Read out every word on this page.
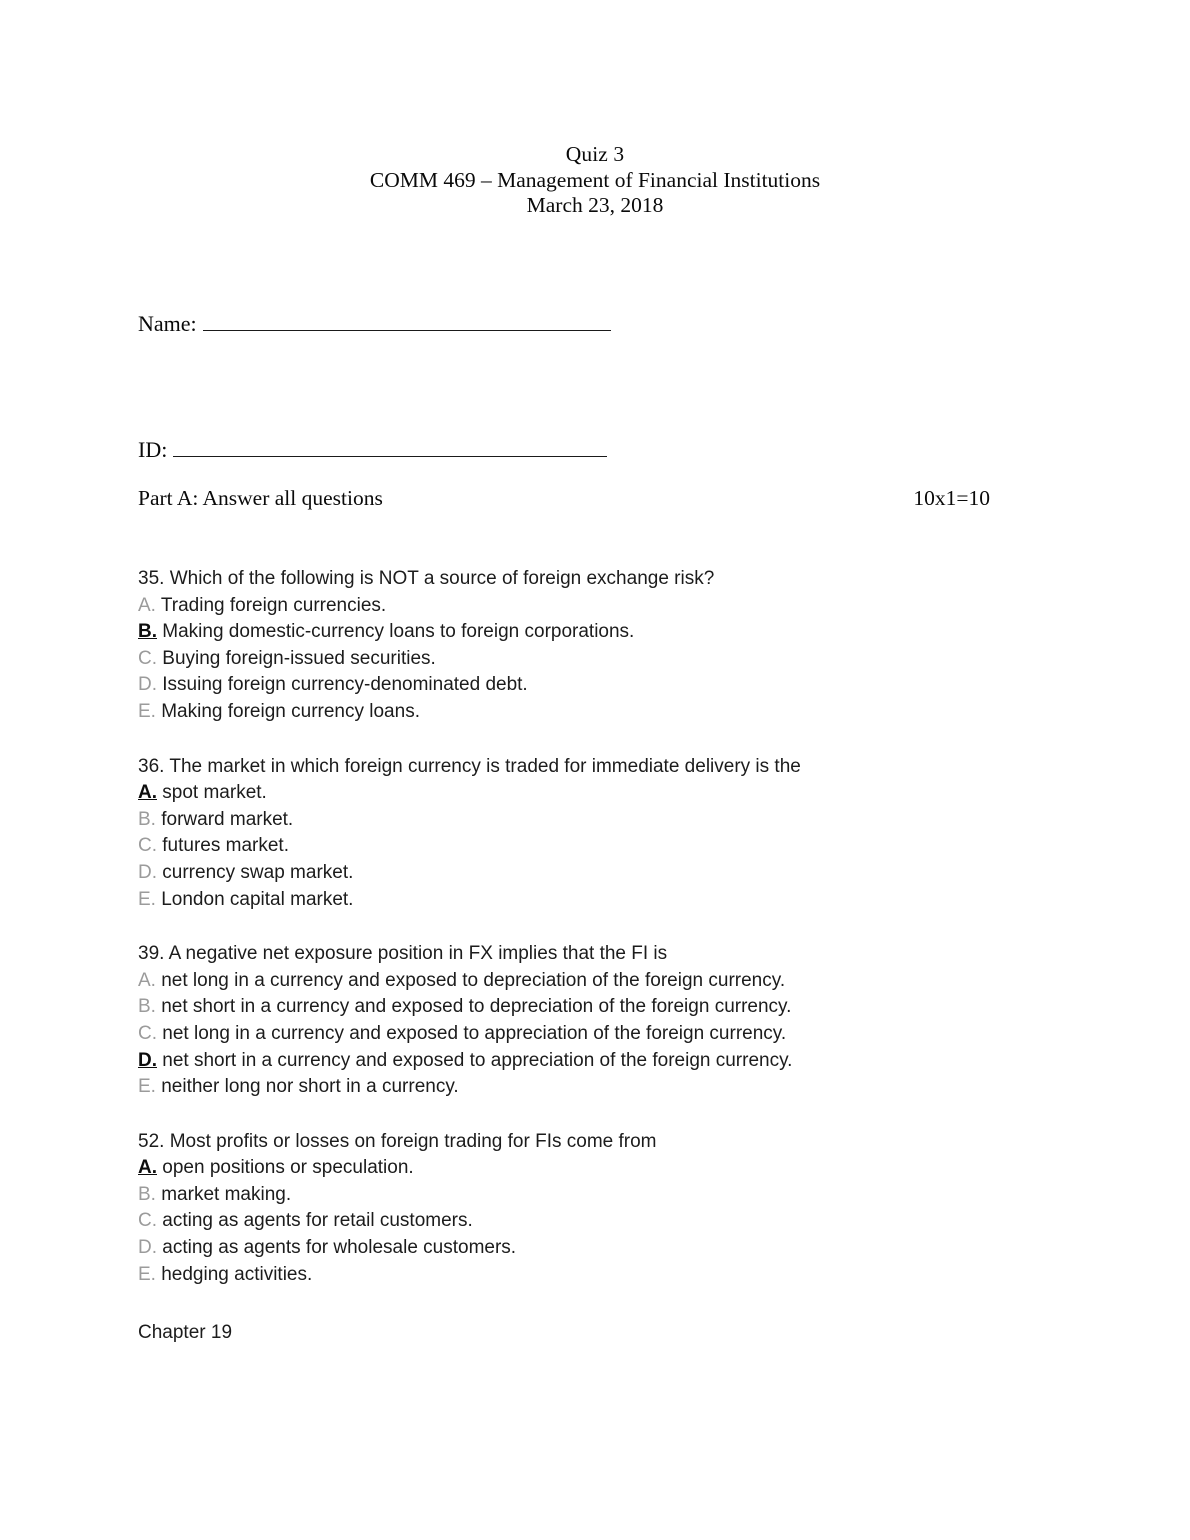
Quiz 3
COMM 469 – Management of Financial Institutions
March 23, 2018
Name:
ID:
Part A: Answer all questions	10x1=10
35. Which of the following is NOT a source of foreign exchange risk?
A. Trading foreign currencies.
B. Making domestic-currency loans to foreign corporations.
C. Buying foreign-issued securities.
D. Issuing foreign currency-denominated debt.
E. Making foreign currency loans.
36. The market in which foreign currency is traded for immediate delivery is the
A. spot market.
B. forward market.
C. futures market.
D. currency swap market.
E. London capital market.
39. A negative net exposure position in FX implies that the FI is
A. net long in a currency and exposed to depreciation of the foreign currency.
B. net short in a currency and exposed to depreciation of the foreign currency.
C. net long in a currency and exposed to appreciation of the foreign currency.
D. net short in a currency and exposed to appreciation of the foreign currency.
E. neither long nor short in a currency.
52. Most profits or losses on foreign trading for FIs come from
A. open positions or speculation.
B. market making.
C. acting as agents for retail customers.
D. acting as agents for wholesale customers.
E. hedging activities.
Chapter 19
